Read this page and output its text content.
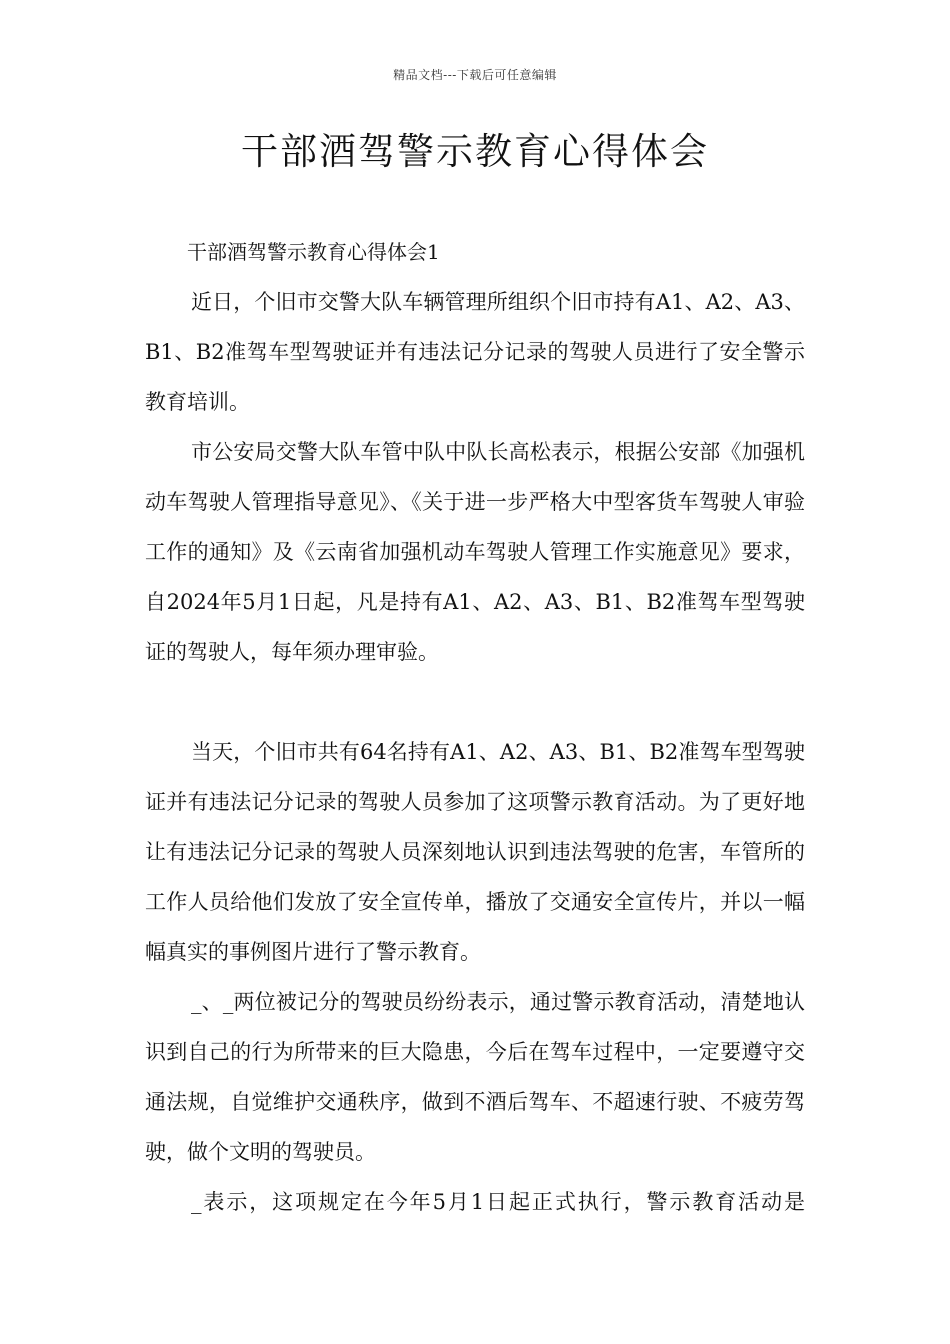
精品文档---下载后可任意编辑
干部酒驾警示教育心得体会

干部酒驾警示教育心得体会1

近日，个旧市交警大队车辆管理所组织个旧市持有A1、A2、A3、B1、B2准驾车型驾驶证并有违法记分记录的驾驶人员进行了安全警示教育培训。

市公安局交警大队车管中队中队长高松表示，根据公安部《加强机动车驾驶人管理指导意见》、《关于进一步严格大中型客货车驾驶人审验工作的通知》及《云南省加强机动车驾驶人管理工作实施意见》要求，自2024年5月1日起，凡是持有A1、A2、A3、B1、B2准驾车型驾驶证的驾驶人，每年须办理审验。

当天，个旧市共有64名持有A1、A2、A3、B1、B2准驾车型驾驶证并有违法记分记录的驾驶人员参加了这项警示教育活动。为了更好地让有违法记分记录的驾驶人员深刻地认识到违法驾驶的危害，车管所的工作人员给他们发放了安全宣传单，播放了交通安全宣传片，并以一幅幅真实的事例图片进行了警示教育。

_、_两位被记分的驾驶员纷纷表示，通过警示教育活动，清楚地认识到自己的行为所带来的巨大隐患，今后在驾车过程中，一定要遵守交通法规，自觉维护交通秩序，做到不酒后驾车、不超速行驶、不疲劳驾驶，做个文明的驾驶员。

_表示，这项规定在今年5月1日起正式执行，警示教育活动是
